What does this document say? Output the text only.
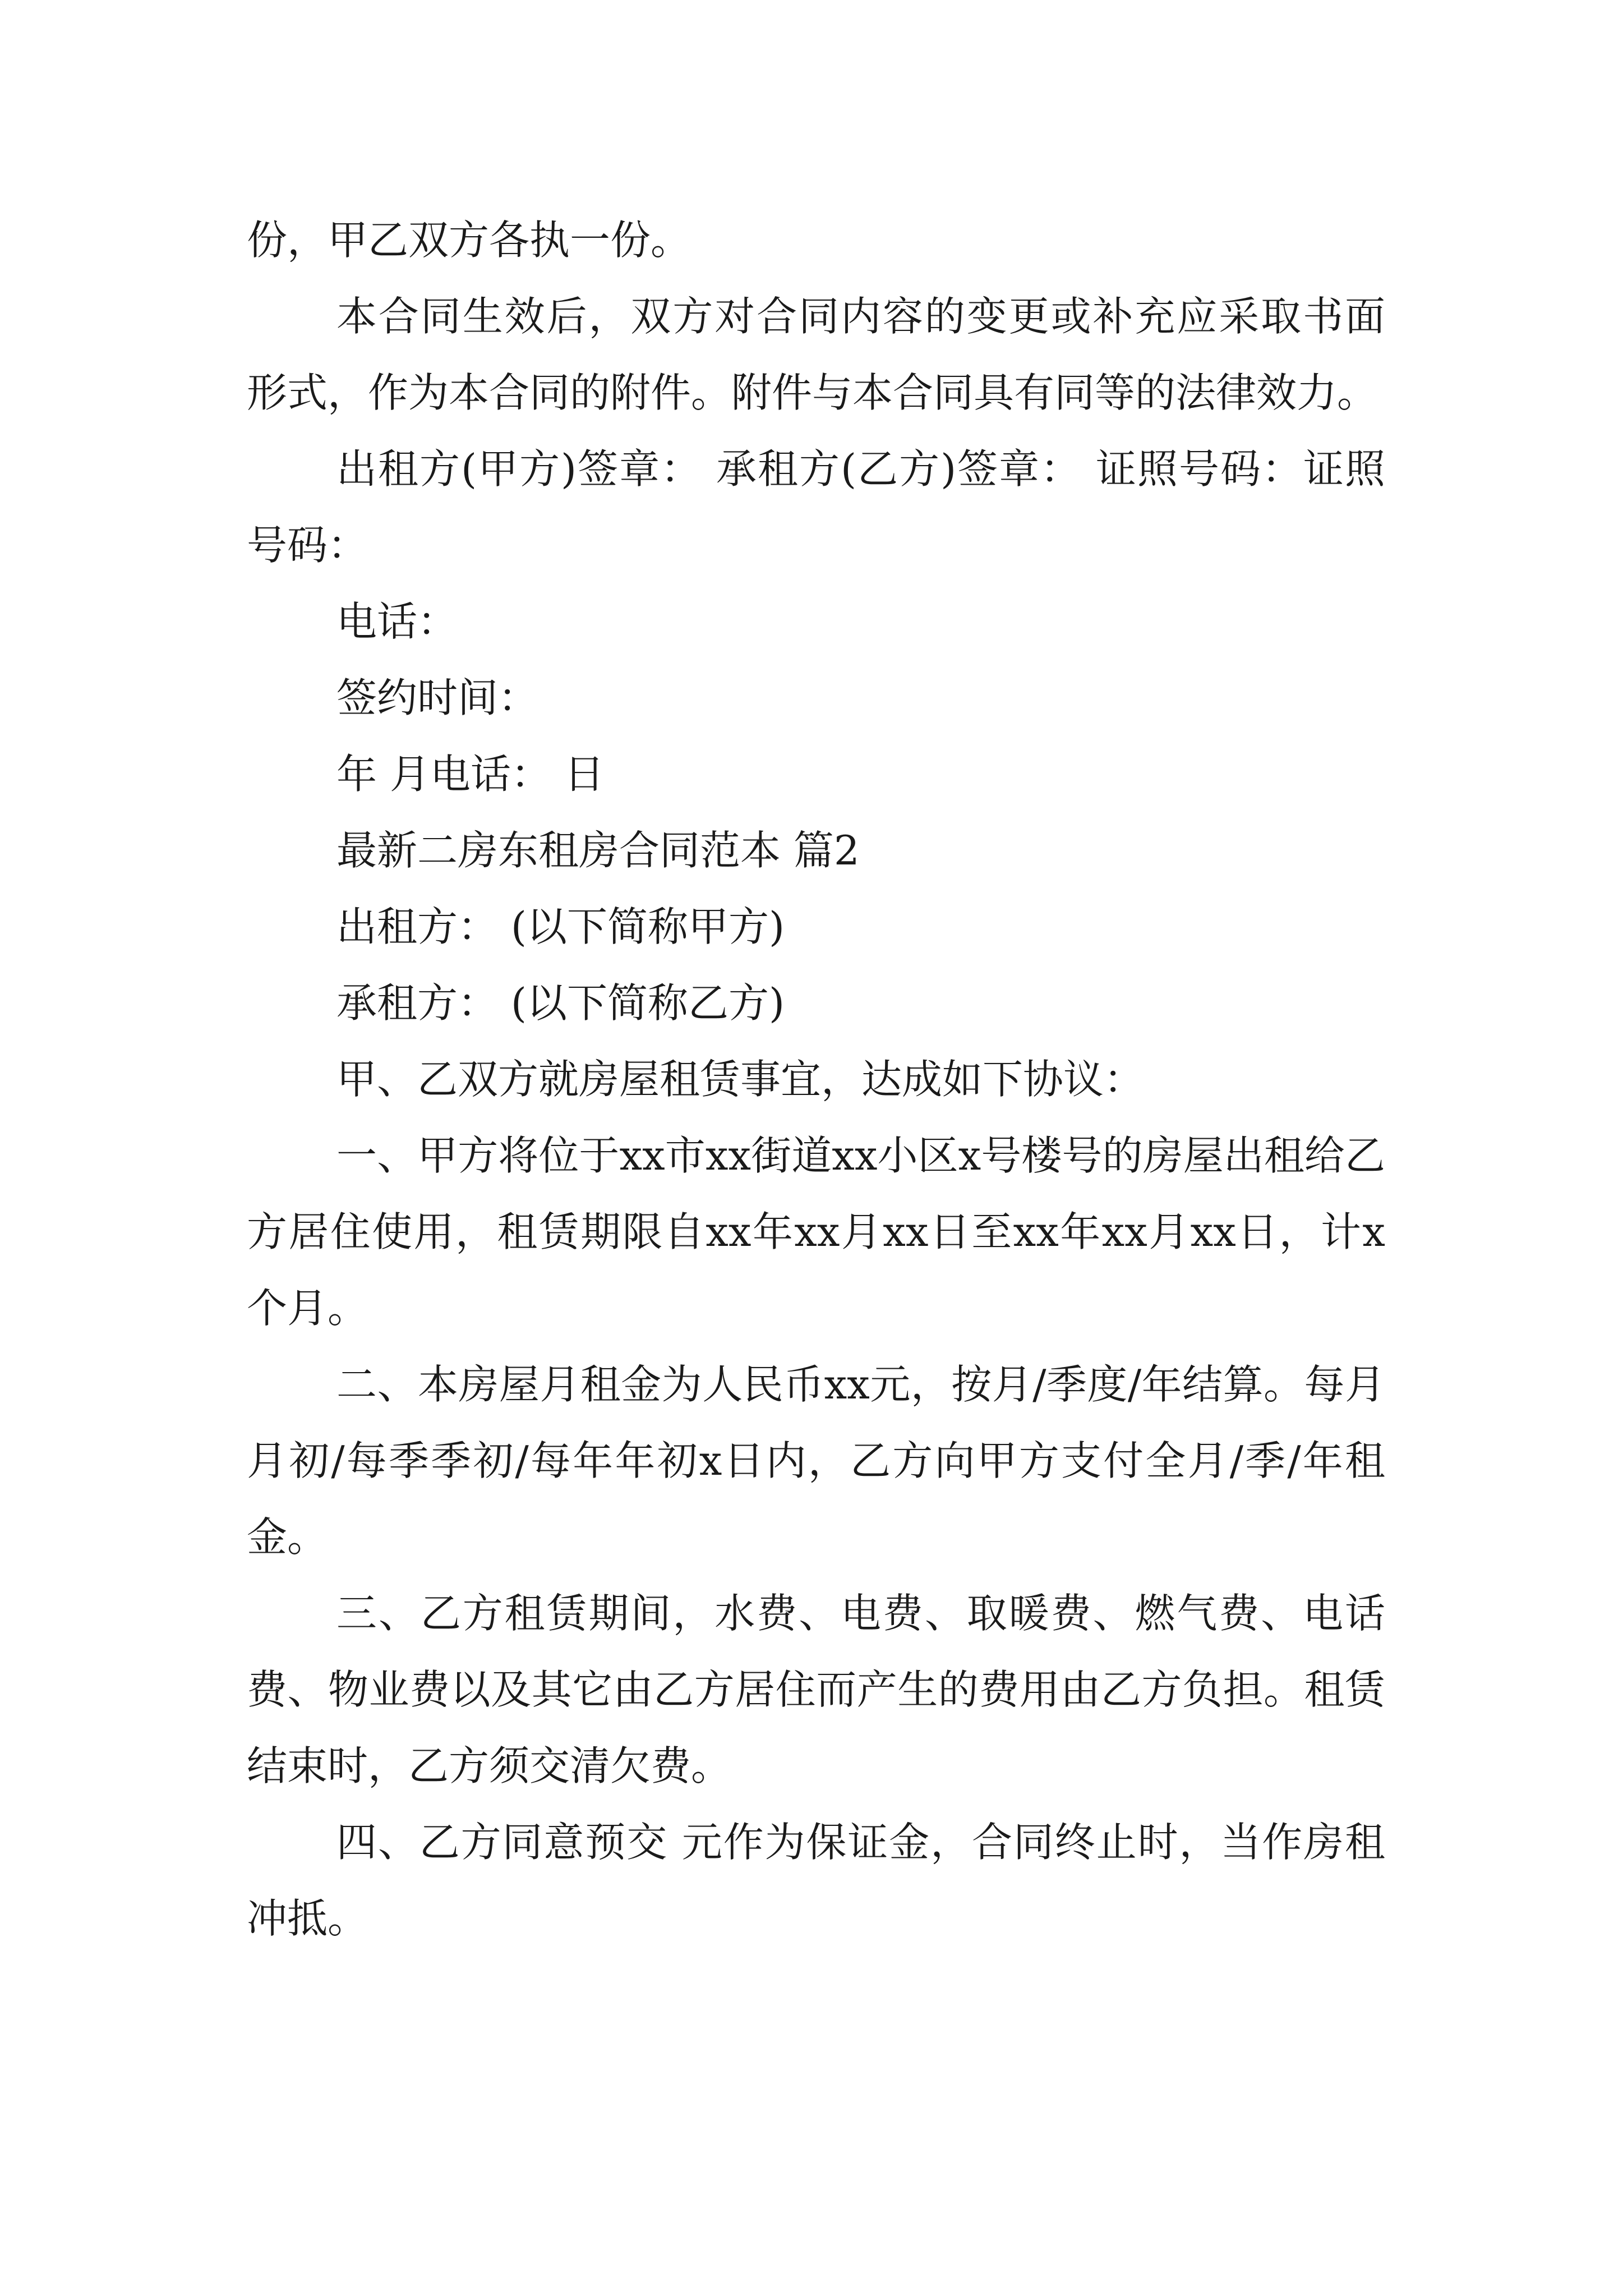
份，甲乙双方各执一份。

本合同生效后，双方对合同内容的变更或补充应采取书面形式，作为本合同的附件。附件与本合同具有同等的法律效力。

出租方(甲方)签章： 承租方(乙方)签章： 证照号码：证照号码：

电话：

签约时间：

年 月电话： 日

最新二房东租房合同范本 篇2

出租方： (以下简称甲方)

承租方： (以下简称乙方)

甲、乙双方就房屋租赁事宜，达成如下协议：

一、甲方将位于xx市xx街道xx小区x号楼号的房屋出租给乙方居住使用，租赁期限自xx年xx月xx日至xx年xx月xx日，计x个月。

二、本房屋月租金为人民币xx元，按月/季度/年结算。每月月初/每季季初/每年年初x日内，乙方向甲方支付全月/季/年租金。

三、乙方租赁期间，水费、电费、取暖费、燃气费、电话费、物业费以及其它由乙方居住而产生的费用由乙方负担。租赁结束时，乙方须交清欠费。

四、乙方同意预交 元作为保证金，合同终止时，当作房租冲抵。
